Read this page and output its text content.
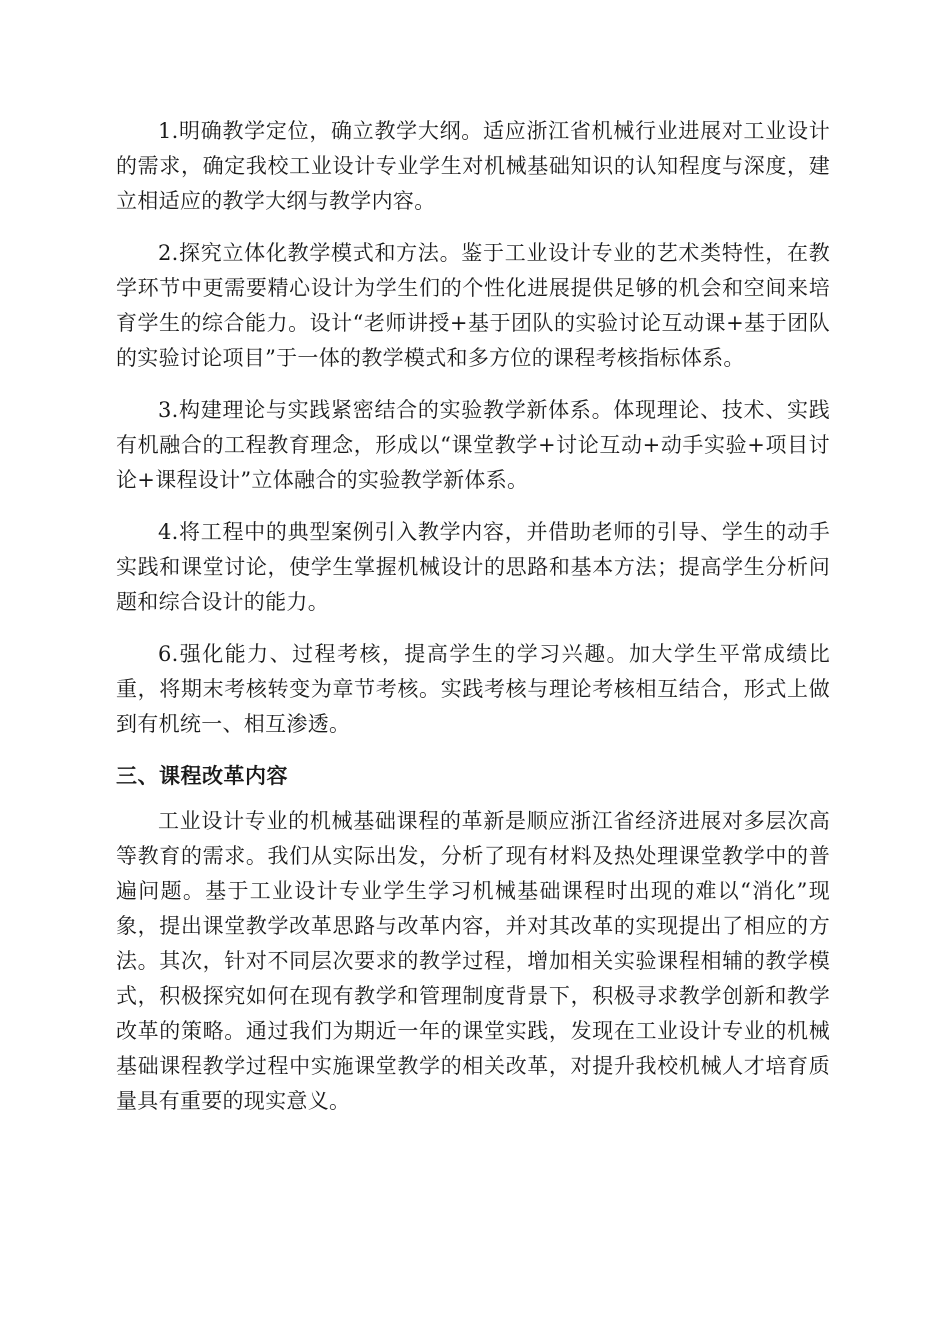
1.明确教学定位，确立教学大纲。适应浙江省机械行业进展对工业设计的需求，确定我校工业设计专业学生对机械基础知识的认知程度与深度，建立相适应的教学大纲与教学内容。

2.探究立体化教学模式和方法。鉴于工业设计专业的艺术类特性，在教学环节中更需要精心设计为学生们的个性化进展提供足够的机会和空间来培育学生的综合能力。设计“老师讲授+基于团队的实验讨论互动课+基于团队的实验讨论项目”于一体的教学模式和多方位的课程考核指标体系。

3.构建理论与实践紧密结合的实验教学新体系。体现理论、技术、实践有机融合的工程教育理念，形成以“课堂教学+讨论互动+动手实验+项目讨论+课程设计”立体融合的实验教学新体系。

4.将工程中的典型案例引入教学内容，并借助老师的引导、学生的动手实践和课堂讨论，使学生掌握机械设计的思路和基本方法；提高学生分析问题和综合设计的能力。

6.强化能力、过程考核，提高学生的学习兴趣。加大学生平常成绩比重，将期末考核转变为章节考核。实践考核与理论考核相互结合，形式上做到有机统一、相互渗透。

三、课程改革内容

工业设计专业的机械基础课程的革新是顺应浙江省经济进展对多层次高等教育的需求。我们从实际出发，分析了现有材料及热处理课堂教学中的普遍问题。基于工业设计专业学生学习机械基础课程时出现的难以“消化”现象，提出课堂教学改革思路与改革内容，并对其改革的实现提出了相应的方法。其次，针对不同层次要求的教学过程，增加相关实验课程相辅的教学模式，积极探究如何在现有教学和管理制度背景下，积极寻求教学创新和教学改革的策略。通过我们为期近一年的课堂实践，发现在工业设计专业的机械基础课程教学过程中实施课堂教学的相关改革，对提升我校机械人才培育质量具有重要的现实意义。
